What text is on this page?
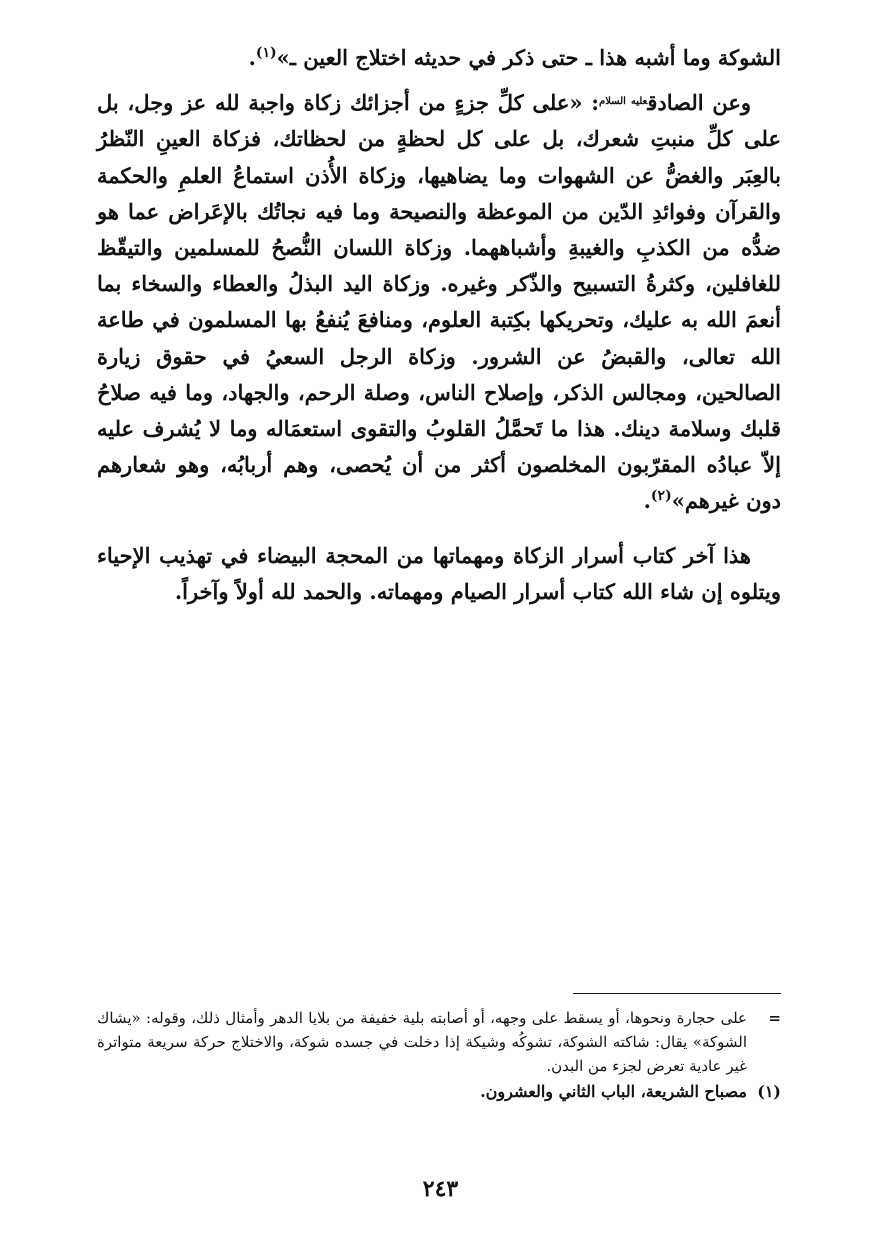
الشوكة وما أشبه هذا ـ حتى ذكر في حديثه اختلاج العين ـ»$^{(١)}$.

وعن الصادق$^{عليه السلام}$: «على كلِّ جزءٍ من أجزائك زكاة واجبة لله عز وجل، بل على كلِّ منبتِ شعرك، بل على كل لحظةٍ من لحظاتك، فزكاة العينِ النّظرُ بالعِبَر والغضُّ عن الشهوات وما يضاهيها، وزكاة الأُذن استماعُ العلمِ والحكمة والقرآن وفوائدِ الدّين من الموعظة والنصيحة وما فيه نجاتُك بالإعَراض عما هو ضدُّه من الكذبِ والغيبةِ وأشباههما. وزكاة اللسان النُّصحُ للمسلمين والتيقّظ للغافلين، وكثرةُ التسبيح والذّكر وغيره. وزكاة اليد البذلُ والعطاء والسخاء بما أنعمَ الله به عليك، وتحريكها بكِتبة العلوم، ومنافعَ يُنفعُ بها المسلمون في طاعة الله تعالى، والقبضُ عن الشرور. وزكاة الرجل السعيُ في حقوق زيارة الصالحين، ومجالس الذكر، وإصلاح الناس، وصلة الرحم، والجهاد، وما فيه صلاحُ قلبك وسلامة دينك. هذا ما تَحمَّلُ القلوبُ والتقوى استعمَاله وما لا يُشرف عليه إلاّ عبادُه المقرّبون المخلصون أكثر من أن يُحصى، وهم أربابُه، وهو شعارهم دون غيرهم»$^{(٢)}$.

هذا آخر كتاب أسرار الزكاة ومهماتها من المحجة البيضاء في تهذيب الإحياء ويتلوه إن شاء الله كتاب أسرار الصيام ومهماته. والحمد لله أولاً وآخراً.

=
على حجارة ونحوها، أو يسقط على وجهه، أو أصابته بلية خفيفة من بلايا الدهر وأمثال ذلك، وقوله: «يشاك الشوكة» يقال: شاكته الشوكة، تشوكُه وشيكة إذا دخلت في جسده شوكة، والاختلاج حركة سريعة متواترة غير عادية تعرض لجزء من البدن.
(١)
مصباح الشريعة، الباب الثاني والعشرون.
٢٤٣
